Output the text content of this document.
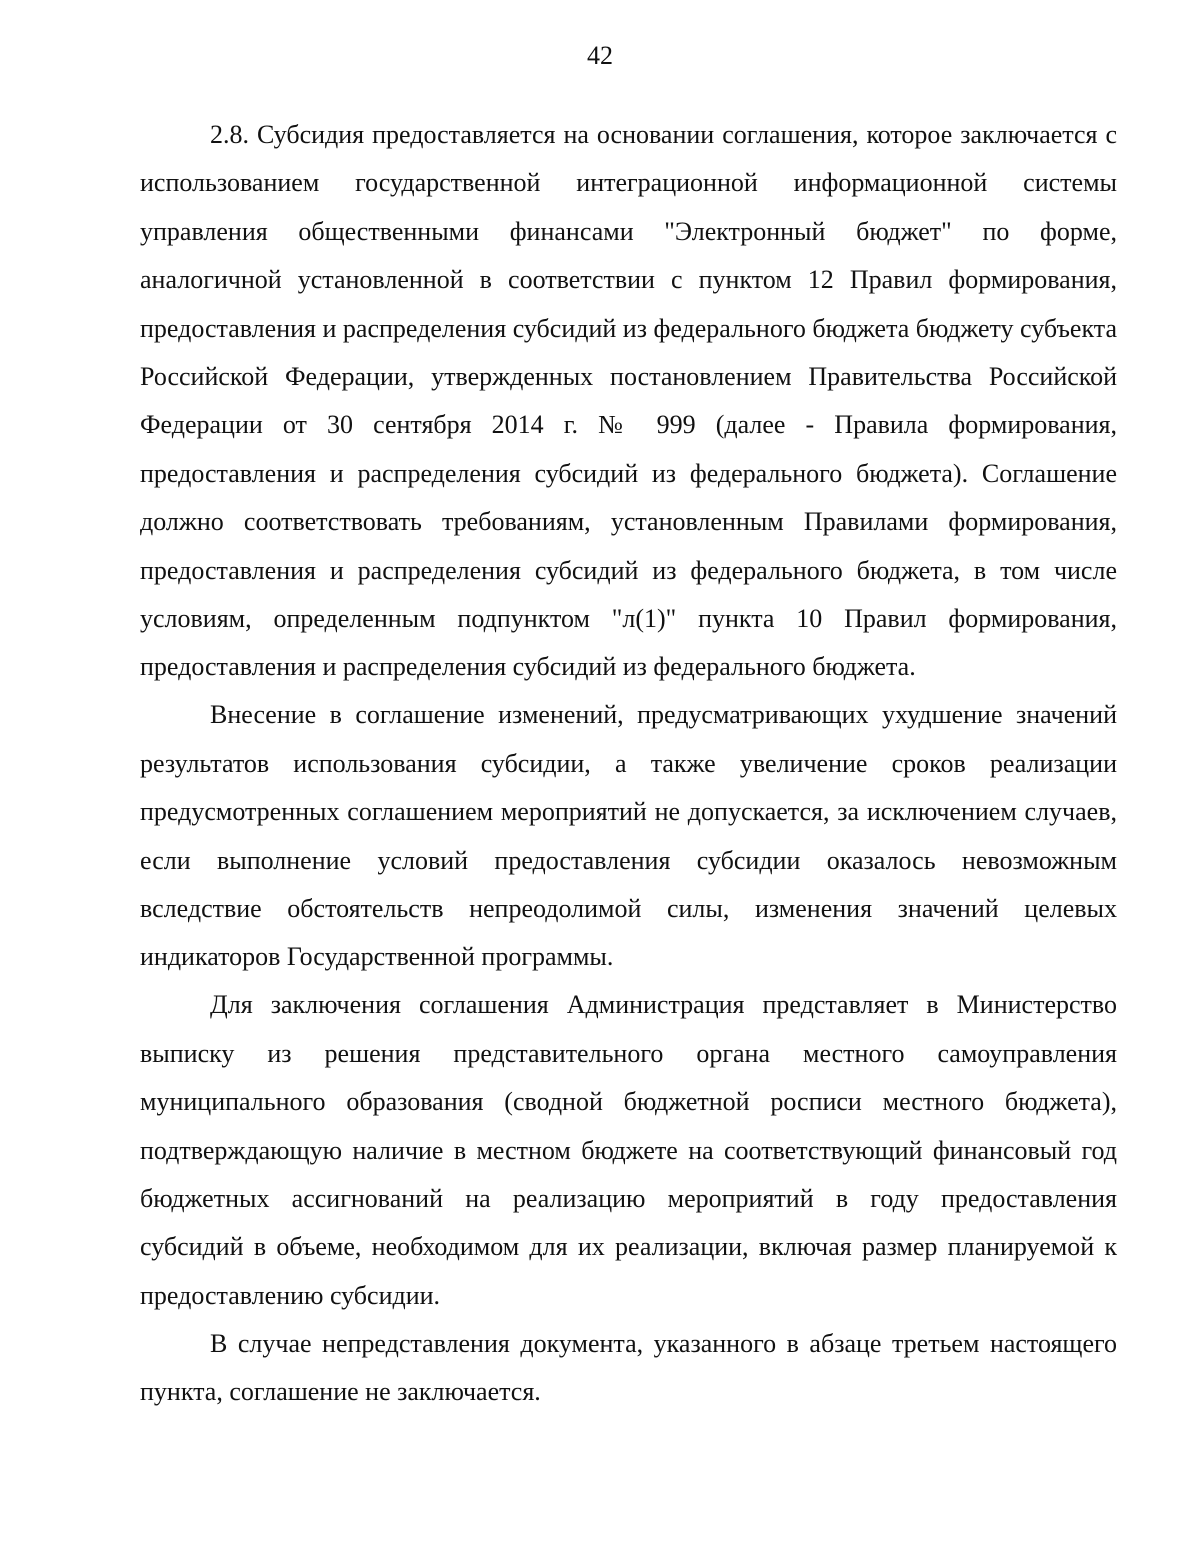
42

2.8. Субсидия предоставляется на основании соглашения, которое заключается с использованием государственной интеграционной информационной системы управления общественными финансами "Электронный бюджет" по форме, аналогичной установленной в соответствии с пунктом 12 Правил формирования, предоставления и распределения субсидий из федерального бюджета бюджету субъекта Российской Федерации, утвержденных постановлением Правительства Российской Федерации от 30 сентября 2014 г. № 999 (далее - Правила формирования, предоставления и распределения субсидий из федерального бюджета). Соглашение должно соответствовать требованиям, установленным Правилами формирования, предоставления и распределения субсидий из федерального бюджета, в том числе условиям, определенным подпунктом "л(1)" пункта 10 Правил формирования, предоставления и распределения субсидий из федерального бюджета.

Внесение в соглашение изменений, предусматривающих ухудшение значений результатов использования субсидии, а также увеличение сроков реализации предусмотренных соглашением мероприятий не допускается, за исключением случаев, если выполнение условий предоставления субсидии оказалось невозможным вследствие обстоятельств непреодолимой силы, изменения значений целевых индикаторов Государственной программы.

Для заключения соглашения Администрация представляет в Министерство выписку из решения представительного органа местного самоуправления муниципального образования (сводной бюджетной росписи местного бюджета), подтверждающую наличие в местном бюджете на соответствующий финансовый год бюджетных ассигнований на реализацию мероприятий в году предоставления субсидий в объеме, необходимом для их реализации, включая размер планируемой к предоставлению субсидии.

В случае непредставления документа, указанного в абзаце третьем настоящего пункта, соглашение не заключается.
